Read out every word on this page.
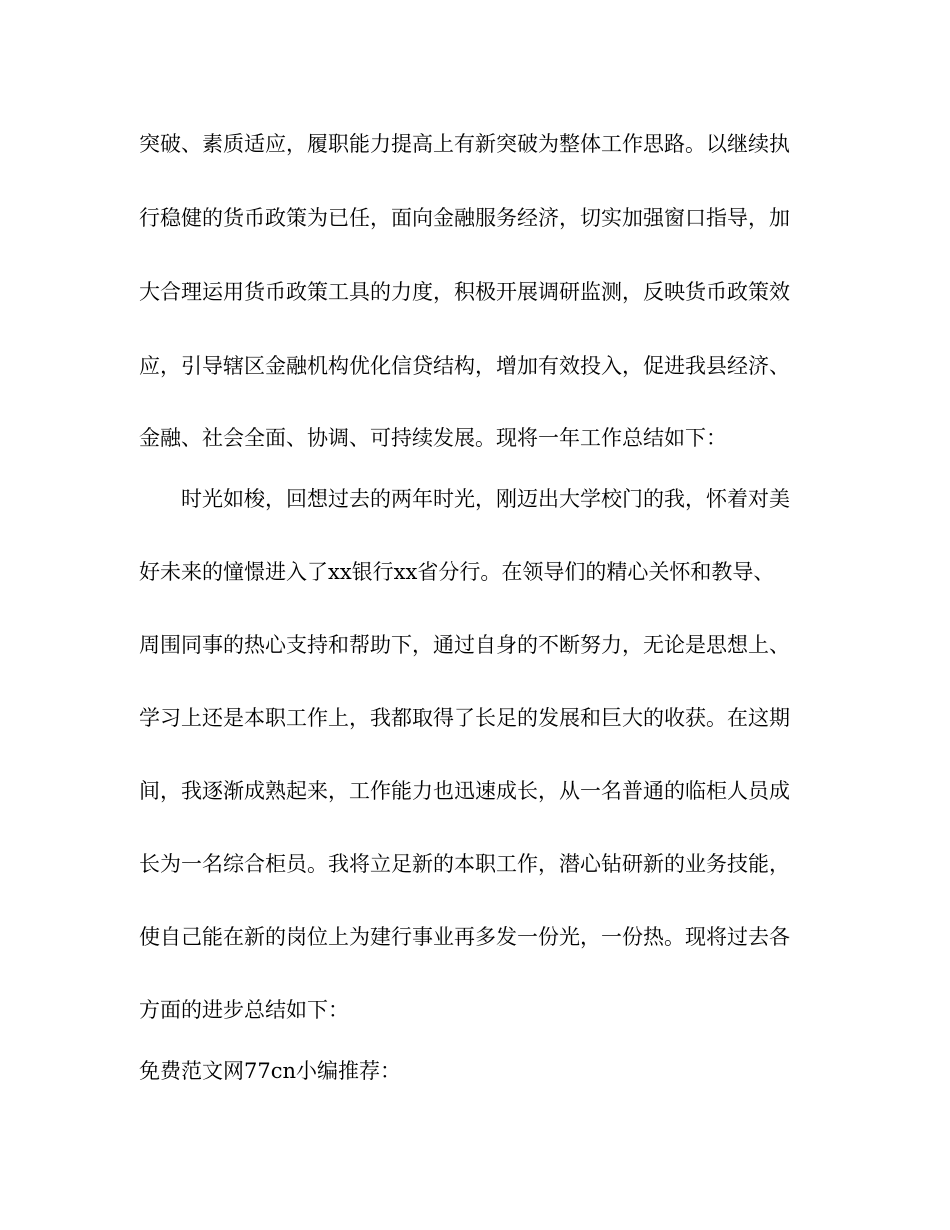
突破、素质适应，履职能力提高上有新突破为整体工作思路。以继续执
行稳健的货币政策为已任，面向金融服务经济，切实加强窗口指导，加
大合理运用货币政策工具的力度，积极开展调研监测，反映货币政策效
应，引导辖区金融机构优化信贷结构，增加有效投入，促进我县经济、
金融、社会全面、协调、可持续发展。现将一年工作总结如下：
时光如梭，回想过去的两年时光，刚迈出大学校门的我，怀着对美
好未来的憧憬进入了xx银行xx省分行。在领导们的精心关怀和教导、
周围同事的热心支持和帮助下，通过自身的不断努力，无论是思想上、
学习上还是本职工作上，我都取得了长足的发展和巨大的收获。在这期
间，我逐渐成熟起来，工作能力也迅速成长，从一名普通的临柜人员成
长为一名综合柜员。我将立足新的本职工作，潜心钻研新的业务技能，
使自己能在新的岗位上为建行事业再多发一份光，一份热。现将过去各
方面的进步总结如下：
免费范文网77cn小编推荐：
